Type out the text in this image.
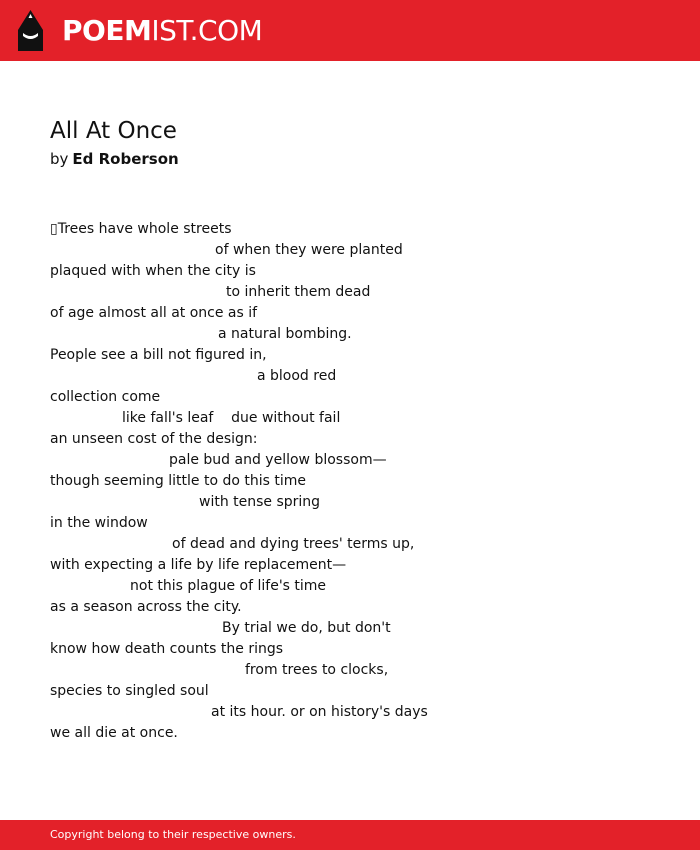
POEMIST.COM
All At Once
by Ed Roberson
▯Trees have whole streets
of when they were planted
plaqued with when the city is
to inherit them dead
of age almost all at once as if
a natural bombing.
People see a bill not figured in,
a blood red
collection come
like fall's leaf    due without fail
an unseen cost of the design:
pale bud and yellow blossom—
though seeming little to do this time
with tense spring
in the window
of dead and dying trees' terms up,
with expecting a life by life replacement—
not this plague of life's time
as a season across the city.
By trial we do, but don't
know how death counts the rings
from trees to clocks,
species to singled soul
at its hour. or on history's days
we all die at once.
Copyright belong to their respective owners.
